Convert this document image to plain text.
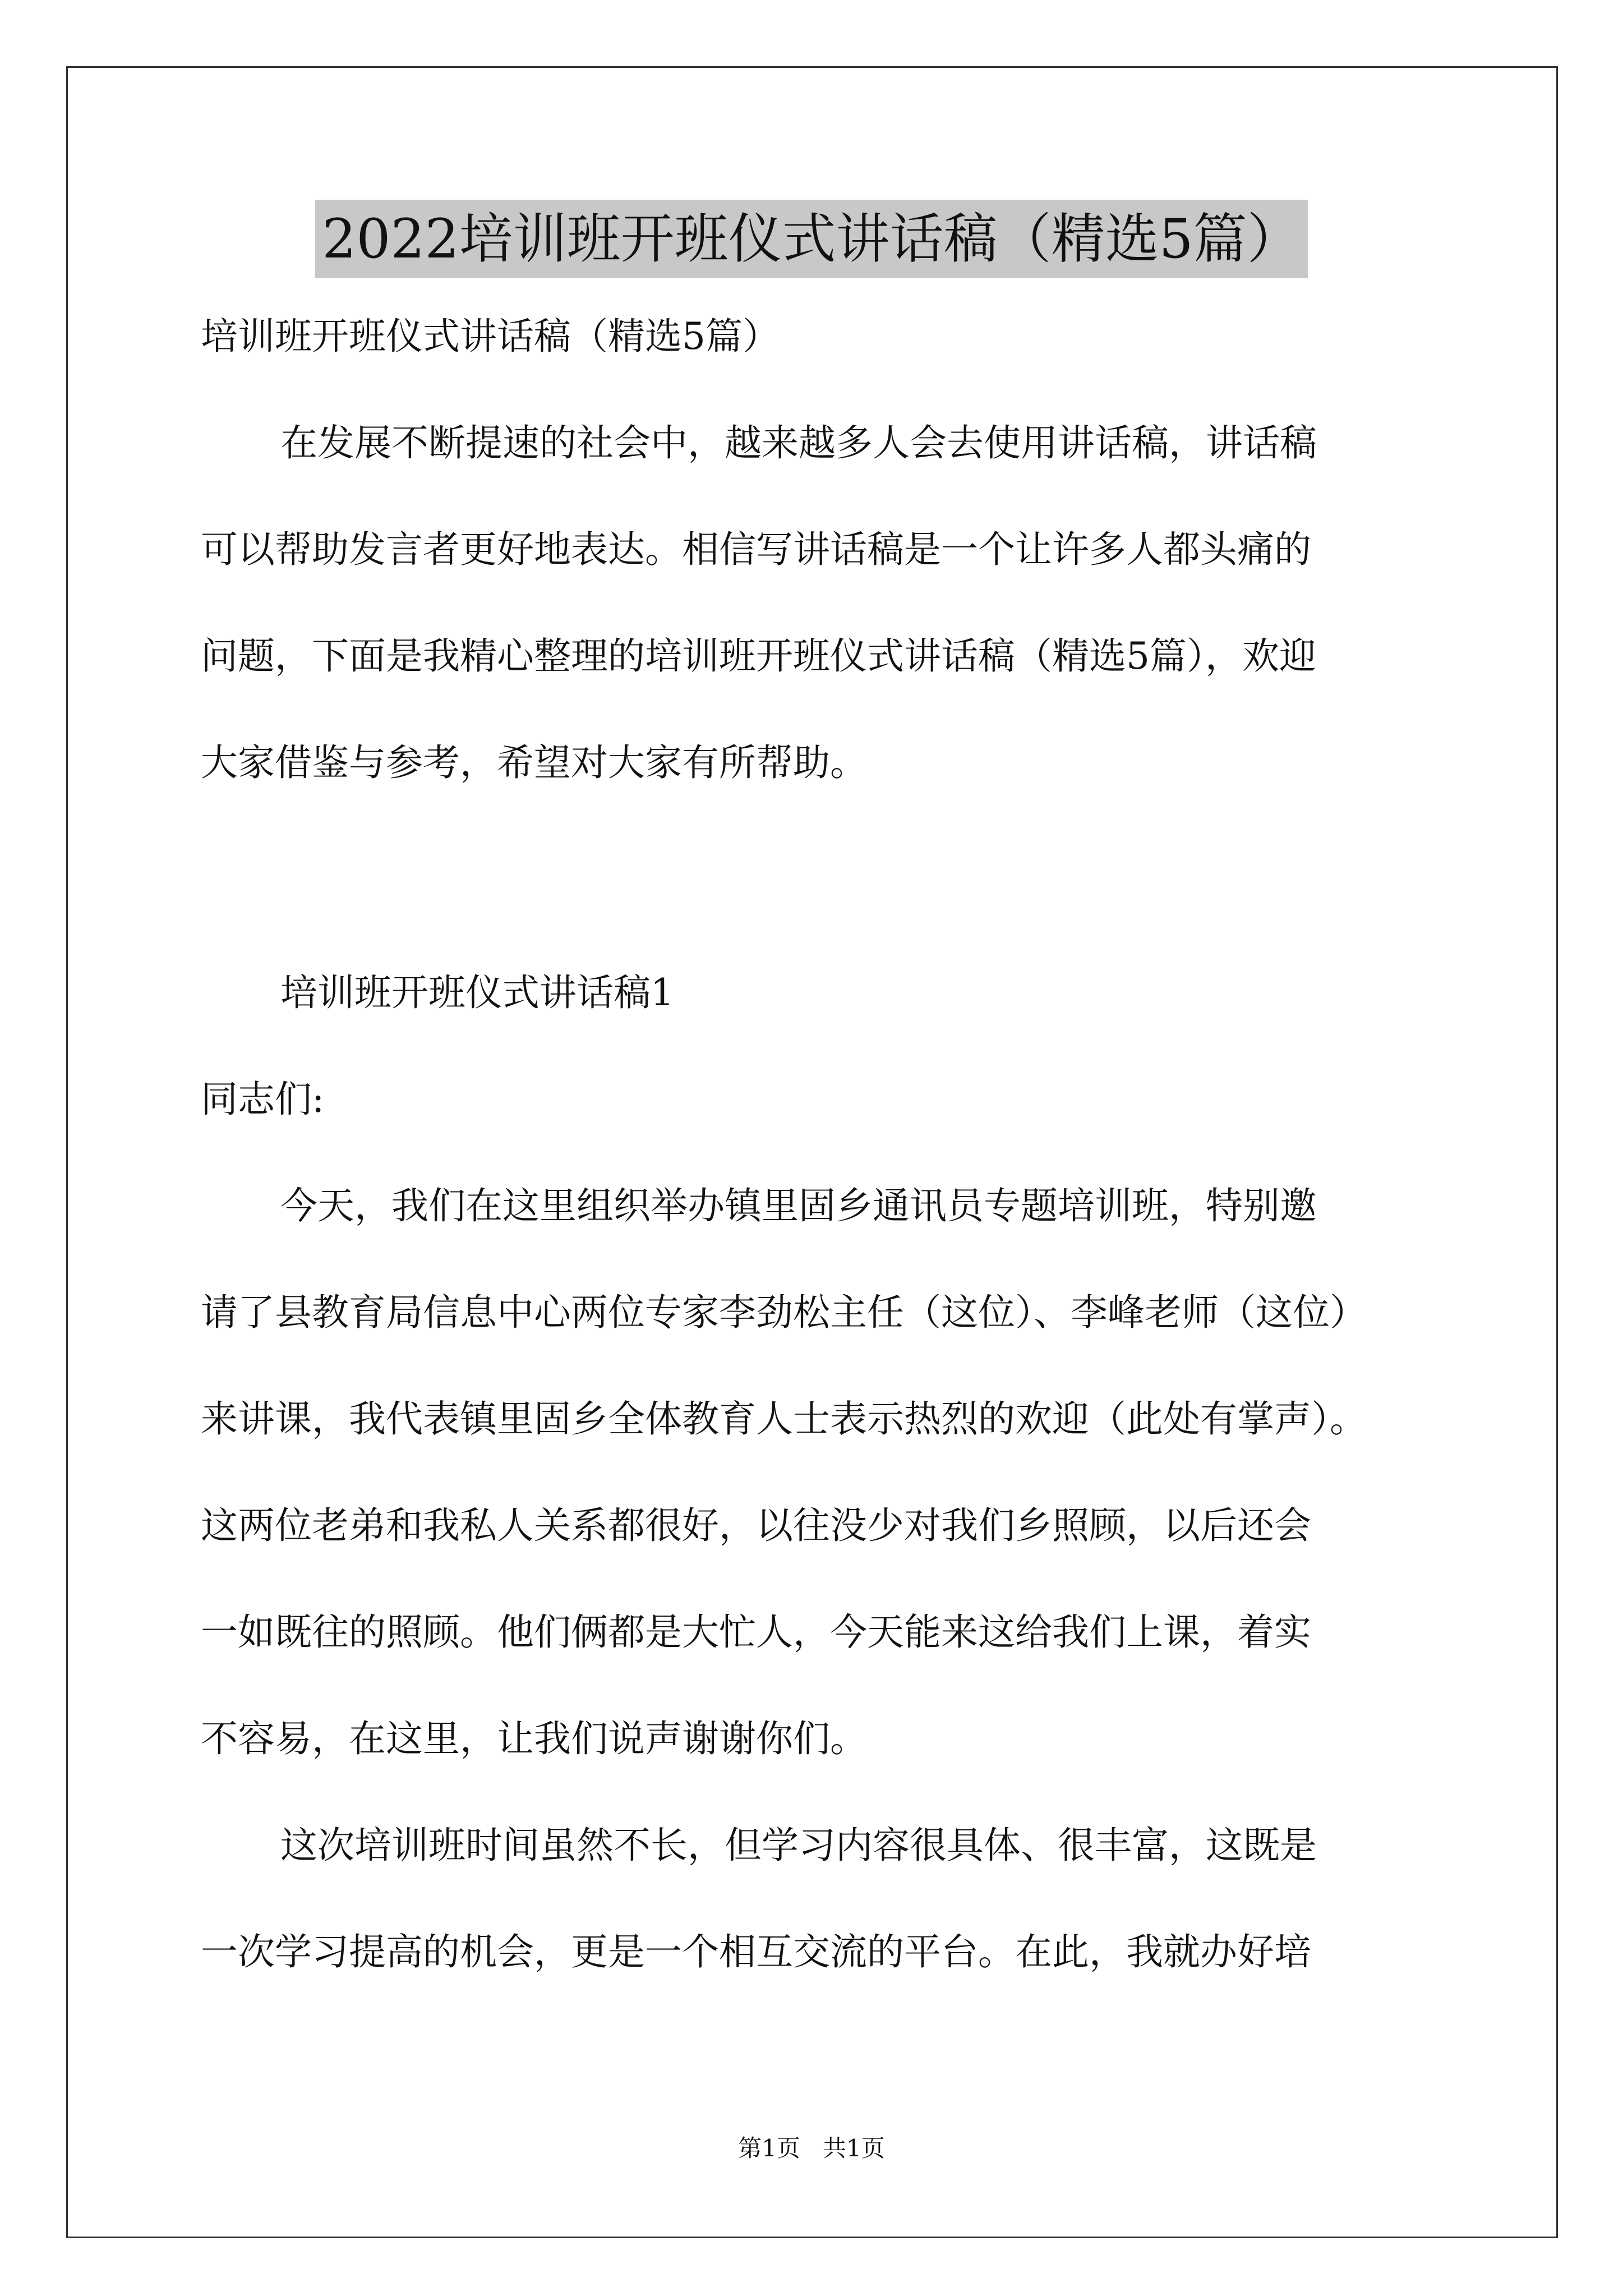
2022培训班开班仪式讲话稿（精选5篇）
培训班开班仪式讲话稿（精选5篇）
在发展不断提速的社会中，越来越多人会去使用讲话稿，讲话稿
可以帮助发言者更好地表达。相信写讲话稿是一个让许多人都头痛的
问题，下面是我精心整理的培训班开班仪式讲话稿（精选5篇），欢迎
大家借鉴与参考，希望对大家有所帮助。
培训班开班仪式讲话稿1
同志们:
今天，我们在这里组织举办镇里固乡通讯员专题培训班，特别邀
请了县教育局信息中心两位专家李劲松主任（这位）、李峰老师（这位）
来讲课，我代表镇里固乡全体教育人士表示热烈的欢迎（此处有掌声）。
这两位老弟和我私人关系都很好，以往没少对我们乡照顾，以后还会
一如既往的照顾。他们俩都是大忙人，今天能来这给我们上课，着实
不容易，在这里，让我们说声谢谢你们。
这次培训班时间虽然不长，但学习内容很具体、很丰富，这既是
一次学习提高的机会，更是一个相互交流的平台。在此，我就办好培
第1页   共1页
